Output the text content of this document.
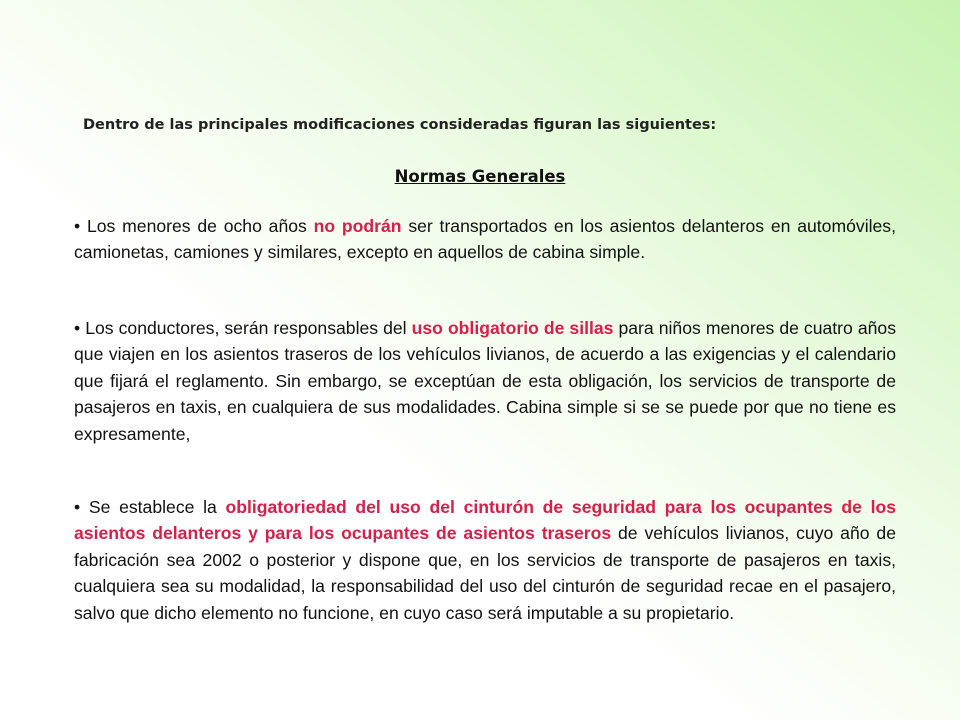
Dentro de las principales modificaciones consideradas figuran las siguientes:
Normas Generales
• Los menores de ocho años no podrán ser transportados en los asientos delanteros en automóviles, camionetas, camiones y similares, excepto en aquellos de cabina simple.
• Los conductores, serán responsables del uso obligatorio de sillas para niños menores de cuatro años que viajen en los asientos traseros de los vehículos livianos, de acuerdo a las exigencias y el calendario que fijará el reglamento. Sin embargo, se exceptúan de esta obligación, los servicios de transporte de pasajeros en taxis, en cualquiera de sus modalidades. Cabina simple si se se puede por que no tiene es expresamente,
• Se establece la obligatoriedad del uso del cinturón de seguridad para los ocupantes de los asientos delanteros y para los ocupantes de asientos traseros de vehículos livianos, cuyo año de fabricación sea 2002 o posterior y dispone que, en los servicios de transporte de pasajeros en taxis, cualquiera sea su modalidad, la responsabilidad del uso del cinturón de seguridad recae en el pasajero, salvo que dicho elemento no funcione, en cuyo caso será imputable a su propietario.
